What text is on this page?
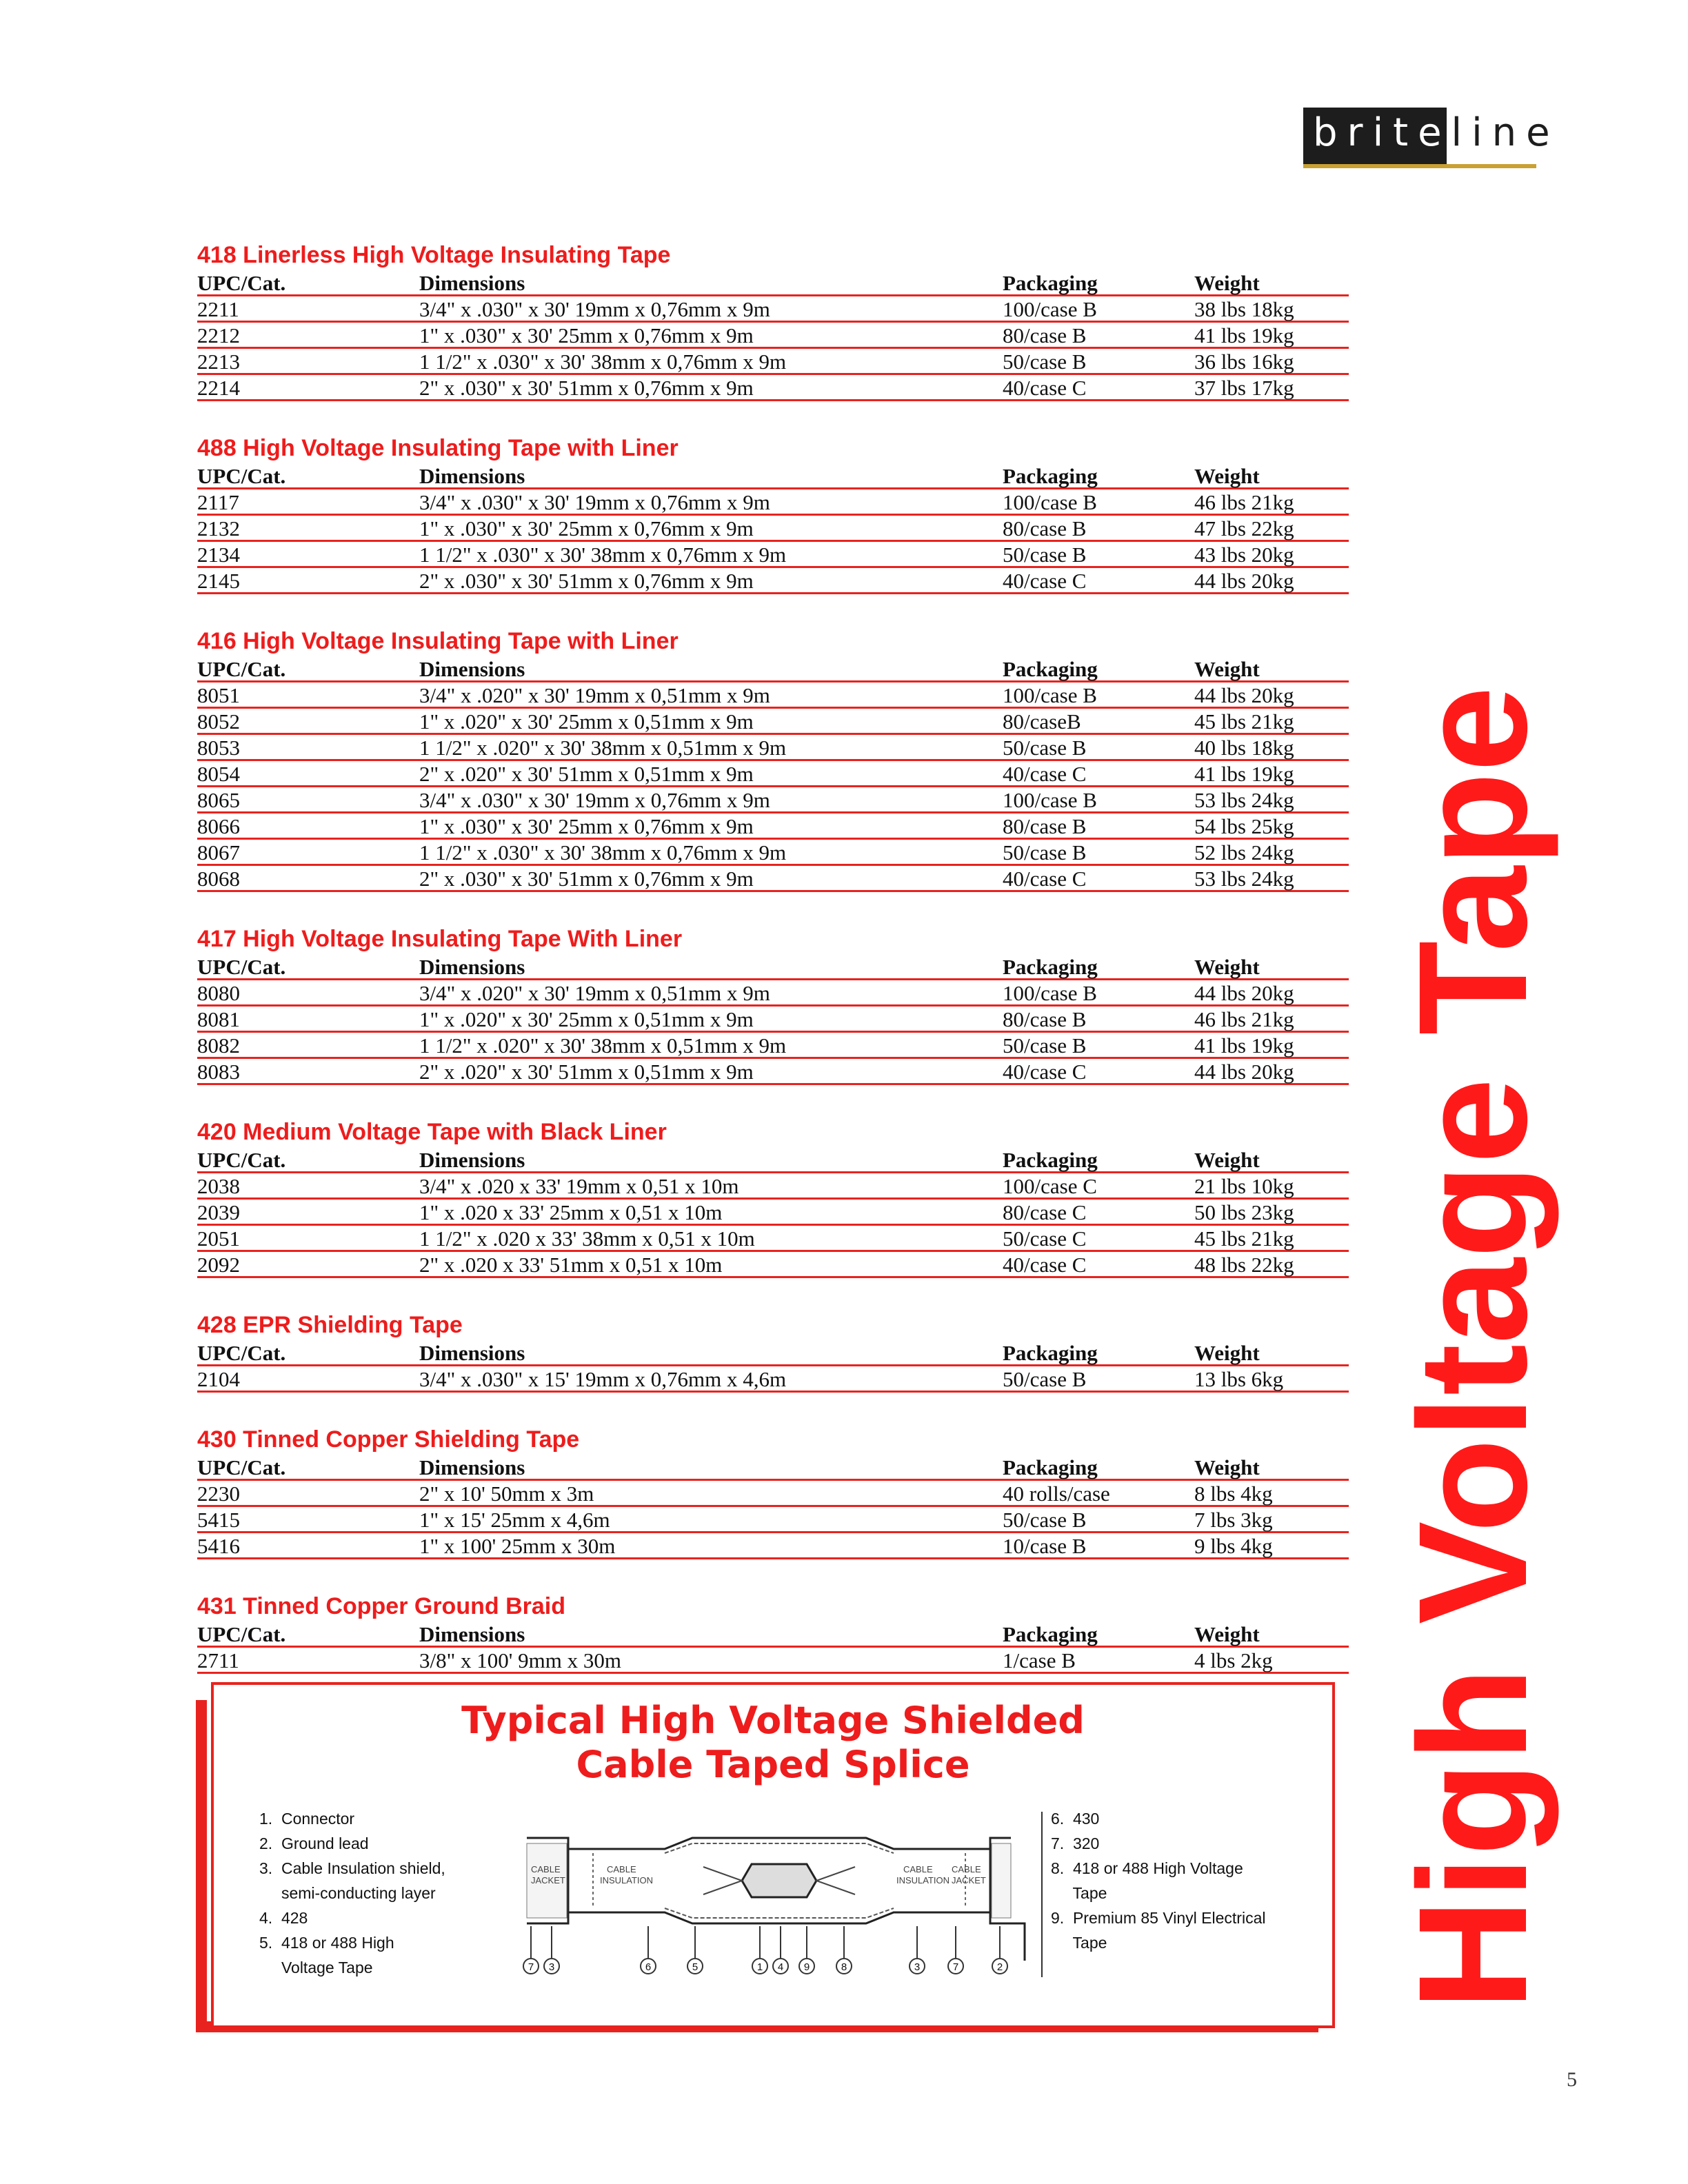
briteline
418 Linerless High Voltage Insulating Tape
UPC/Cat.	Dimensions	Packaging	Weight
2211	3/4" x .030" x 30' 19mm x 0,76mm x 9m	100/case B	38 lbs 18kg
2212	1" x .030" x 30' 25mm x 0,76mm x 9m	80/case B	41 lbs 19kg
2213	1 1/2" x .030" x 30' 38mm x 0,76mm x 9m	50/case B	36 lbs 16kg
2214	2" x .030" x 30' 51mm x 0,76mm x 9m	40/case C	37 lbs 17kg
488 High Voltage Insulating Tape with Liner
UPC/Cat.	Dimensions	Packaging	Weight
2117	3/4" x .030" x 30' 19mm x 0,76mm x 9m	100/case B	46 lbs 21kg
2132	1" x .030" x 30' 25mm x 0,76mm x 9m	80/case B	47 lbs 22kg
2134	1 1/2" x .030" x 30' 38mm x 0,76mm x 9m	50/case B	43 lbs 20kg
2145	2" x .030" x 30' 51mm x 0,76mm x 9m	40/case C	44 lbs 20kg
416 High Voltage Insulating Tape with Liner
UPC/Cat.	Dimensions	Packaging	Weight
8051	3/4" x .020" x 30' 19mm x 0,51mm x 9m	100/case B	44 lbs 20kg
8052	1" x .020" x 30' 25mm x 0,51mm x 9m	80/caseB	45 lbs 21kg
8053	1 1/2" x .020" x 30' 38mm x 0,51mm x 9m	50/case B	40 lbs 18kg
8054	2" x .020" x 30' 51mm x 0,51mm x 9m	40/case C	41 lbs 19kg
8065	3/4" x .030" x 30' 19mm x 0,76mm x 9m	100/case B	53 lbs 24kg
8066	1" x .030" x 30' 25mm x 0,76mm x 9m	80/case B	54 lbs 25kg
8067	1 1/2" x .030" x 30' 38mm x 0,76mm x 9m	50/case B	52 lbs 24kg
8068	2" x .030" x 30' 51mm x 0,76mm x 9m	40/case C	53 lbs 24kg
417 High Voltage Insulating Tape With Liner
UPC/Cat.	Dimensions	Packaging	Weight
8080	3/4" x .020" x 30' 19mm x 0,51mm x 9m	100/case B	44 lbs 20kg
8081	1" x .020" x 30' 25mm x 0,51mm x 9m	80/case B	46 lbs 21kg
8082	1 1/2" x .020" x 30' 38mm x 0,51mm x 9m	50/case B	41 lbs 19kg
8083	2" x .020" x 30' 51mm x 0,51mm x 9m	40/case C	44 lbs 20kg
420 Medium Voltage Tape with Black Liner
UPC/Cat.	Dimensions	Packaging	Weight
2038	3/4" x .020 x 33' 19mm x 0,51 x 10m	100/case C	21 lbs 10kg
2039	1" x .020 x 33' 25mm x 0,51 x 10m	80/case C	50 lbs 23kg
2051	1 1/2" x .020 x 33' 38mm x 0,51 x 10m	50/case C	45 lbs 21kg
2092	2" x .020 x 33' 51mm x 0,51 x 10m	40/case C	48 lbs 22kg
428 EPR Shielding Tape
UPC/Cat.	Dimensions	Packaging	Weight
2104	3/4" x .030" x 15' 19mm x 0,76mm x 4,6m	50/case B	13 lbs 6kg
430 Tinned Copper Shielding Tape
UPC/Cat.	Dimensions	Packaging	Weight
2230	2" x 10' 50mm x 3m	40 rolls/case	8 lbs 4kg
5415	1" x 15' 25mm x 4,6m	50/case B	7 lbs 3kg
5416	1" x 100' 25mm x 30m	10/case B	9 lbs 4kg
431 Tinned Copper Ground Braid
UPC/Cat.	Dimensions	Packaging	Weight
2711	3/8" x 100' 9mm x 30m	1/case B	4 lbs 2kg High Voltage Tape
Typical High Voltage Shielded
Cable Taped Splice
1.  Connector
2.  Ground lead
3.  Cable Insulation shield,
semi-conducting layer
4.  428
5.  418 or 488 High
Voltage Tape
6.  430
7.  320
8.  418 or 488 High Voltage
Tape
9.  Premium 85 Vinyl Electrical
Tape
CABLE
JACKET
CABLE
INSULATION
CABLE
INSULATION
CABLE
JACKET
7 3	6	5	1 4 9	8	3	7	2
5
